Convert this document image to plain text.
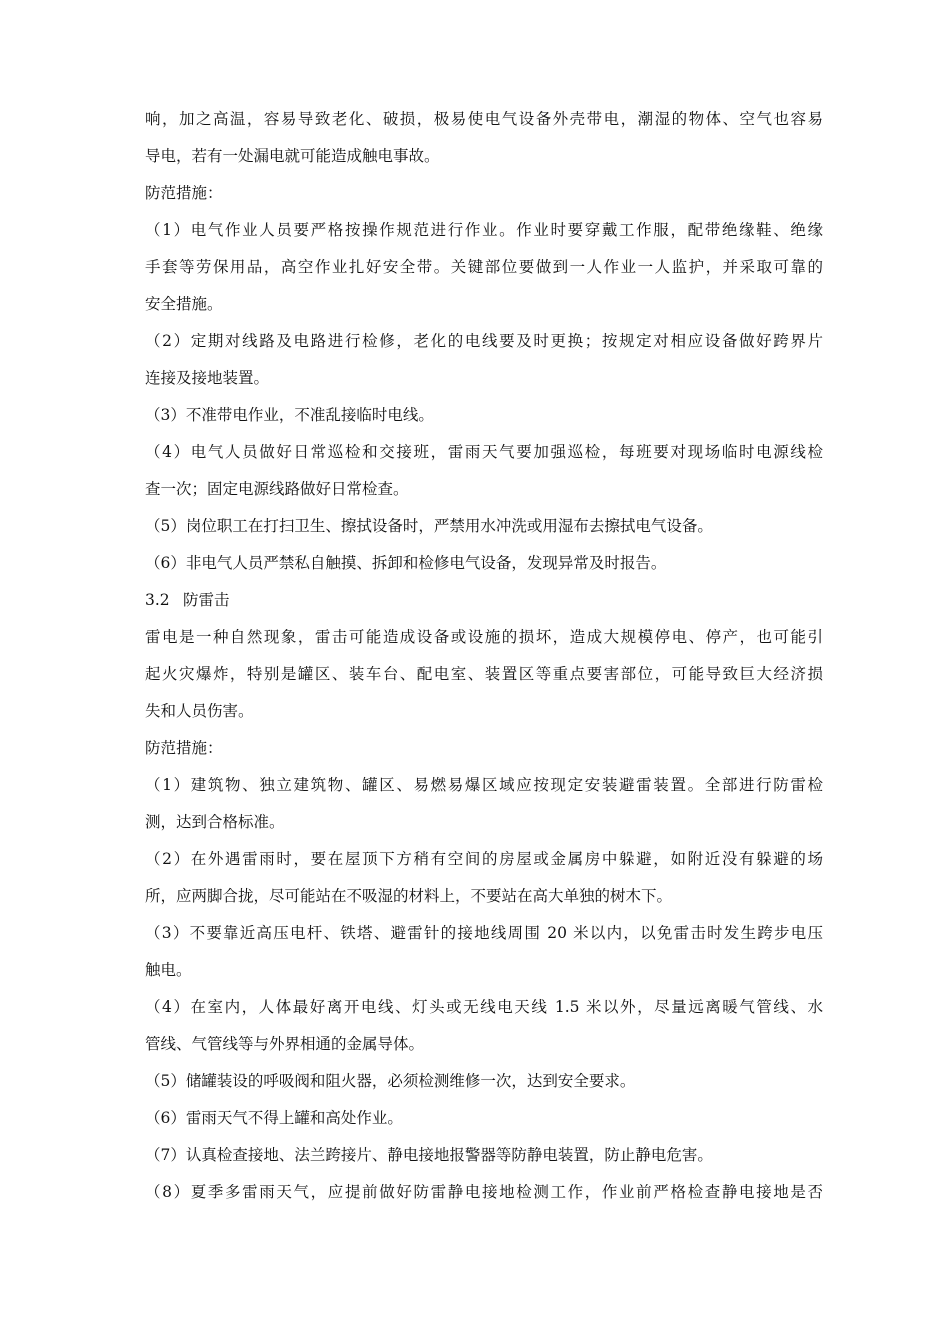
响，加之高温，容易导致老化、破损，极易使电气设备外壳带电，潮湿的物体、空气也容易
导电，若有一处漏电就可能造成触电事故。
防范措施：
（1）电气作业人员要严格按操作规范进行作业。作业时要穿戴工作服，配带绝缘鞋、绝缘
手套等劳保用品，高空作业扎好安全带。关键部位要做到一人作业一人监护，并采取可靠的
安全措施。
（2）定期对线路及电路进行检修，老化的电线要及时更换；按规定对相应设备做好跨界片
连接及接地装置。
（3）不准带电作业，不准乱接临时电线。
（4）电气人员做好日常巡检和交接班，雷雨天气要加强巡检，每班要对现场临时电源线检
查一次；固定电源线路做好日常检查。
（5）岗位职工在打扫卫生、擦拭设备时，严禁用水冲洗或用湿布去擦拭电气设备。
（6）非电气人员严禁私自触摸、拆卸和检修电气设备，发现异常及时报告。
3.2 防雷击
雷电是一种自然现象，雷击可能造成设备或设施的损坏，造成大规模停电、停产，也可能引
起火灾爆炸，特别是罐区、装车台、配电室、装置区等重点要害部位，可能导致巨大经济损
失和人员伤害。
防范措施：
（1）建筑物、独立建筑物、罐区、易燃易爆区域应按现定安装避雷装置。全部进行防雷检
测，达到合格标准。
（2）在外遇雷雨时，要在屋顶下方稍有空间的房屋或金属房中躲避，如附近没有躲避的场
所，应两脚合拢，尽可能站在不吸湿的材料上，不要站在高大单独的树木下。
（3）不要靠近高压电杆、铁塔、避雷针的接地线周围 20 米以内，以免雷击时发生跨步电压
触电。
（4）在室内，人体最好离开电线、灯头或无线电天线 1.5 米以外，尽量远离暖气管线、水
管线、气管线等与外界相通的金属导体。
（5）储罐装设的呼吸阀和阻火器，必须检测维修一次，达到安全要求。
（6）雷雨天气不得上罐和高处作业。
（7）认真检查接地、法兰跨接片、静电接地报警器等防静电装置，防止静电危害。
（8）夏季多雷雨天气，应提前做好防雷静电接地检测工作，作业前严格检查静电接地是否
